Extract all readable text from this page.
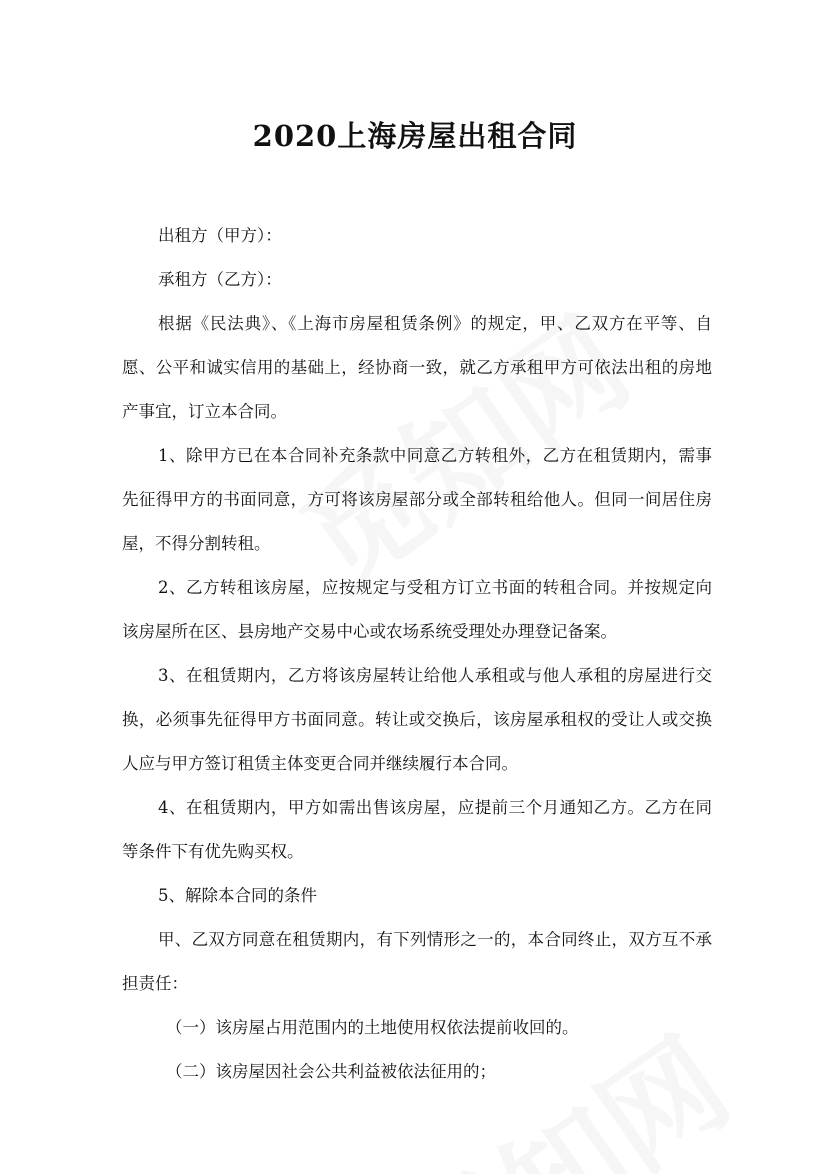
2020上海房屋出租合同

出租方（甲方）：

承租方（乙方）：

根据《民法典》、《上海市房屋租赁条例》的规定，甲、乙双方在平等、自愿、公平和诚实信用的基础上，经协商一致，就乙方承租甲方可依法出租的房地产事宜，订立本合同。

1、除甲方已在本合同补充条款中同意乙方转租外，乙方在租赁期内，需事先征得甲方的书面同意，方可将该房屋部分或全部转租给他人。但同一间居住房屋，不得分割转租。

2、乙方转租该房屋，应按规定与受租方订立书面的转租合同。并按规定向该房屋所在区、县房地产交易中心或农场系统受理处办理登记备案。

3、在租赁期内，乙方将该房屋转让给他人承租或与他人承租的房屋进行交换，必须事先征得甲方书面同意。转让或交换后，该房屋承租权的受让人或交换人应与甲方签订租赁主体变更合同并继续履行本合同。

4、在租赁期内，甲方如需出售该房屋，应提前三个月通知乙方。乙方在同等条件下有优先购买权。

5、解除本合同的条件

甲、乙双方同意在租赁期内，有下列情形之一的，本合同终止，双方互不承担责任：

（一）该房屋占用范围内的土地使用权依法提前收回的。

（二）该房屋因社会公共利益被依法征用的；
